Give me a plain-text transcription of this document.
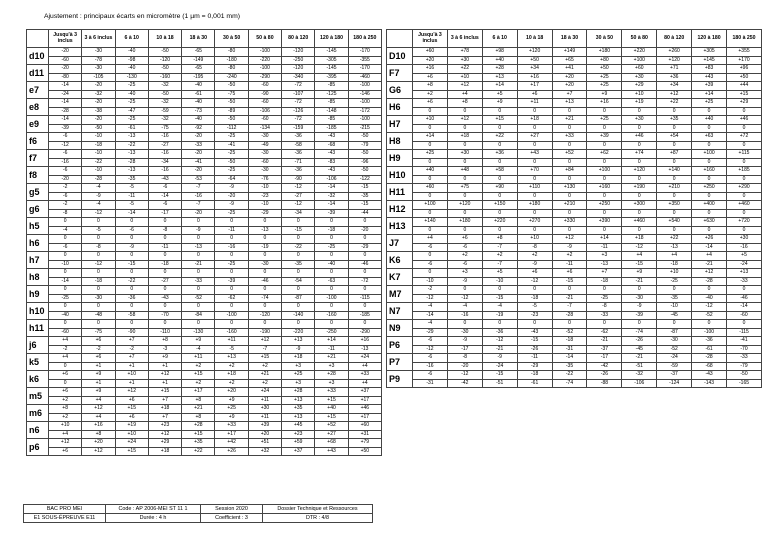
Ajustement : principaux écarts en micromètre (1 µm = 0,001 mm)
	Jusqu'à 3 inclus	3 à 6 inclus	6 à 10	10 à 18	18 à 30	30 à 50	50 à 80	80 à 120	120 à 180	180 à 250
d10	-20	-30	-40	-50	-65	-80	-100	-120	-145	-170
	-60	-78	-98	-120	-149	-180	-220	-250	-305	-355
d11	-20	-30	-40	-50	-65	-80	-100	-120	-145	-170
	-80	-105	-130	-160	-195	-240	-290	-340	-395	-460
e7	-14	-20	-25	-32	-40	-50	-60	-72	-85	-100
	-24	-32	-40	-50	-61	-75	-90	-107	-125	-146
e8	-14	-20	-25	-32	-40	-50	-60	-72	-85	-100
	-28	-38	-47	-59	-73	-89	-106	-126	-148	-172
e9	-14	-20	-25	-32	-40	-50	-60	-72	-85	-100
	-39	-50	-61	-75	-92	-112	-134	-159	-185	-215
f6	-6	-10	-13	-16	-20	-25	-30	-36	-43	-50
	-12	-18	-22	-27	-33	-41	-49	-58	-68	-79
f7	-6	-10	-13	-16	-20	-25	-30	-36	-43	-50
	-16	-22	-28	-34	-41	-50	-60	-71	-83	-96
f8	-6	-10	-13	-16	-20	-25	-30	-36	-43	-50
	-20	-28	-35	-43	-53	-64	-76	-90	-106	-122
g5	-2	-4	-5	-6	-7	-9	-10	-12	-14	-15
	-6	-9	-11	-14	-16	-20	-23	-27	-32	-35
g6	-2	-4	-5	-6	-7	-9	-10	-12	-14	-15
	-8	-12	-14	-17	-20	-25	-29	-34	-39	-44
h5	0	0	0	0	0	0	0	0	0	0
	-4	-5	-6	-8	-9	-11	-13	-15	-18	-20
h6	0	0	0	0	0	0	0	0	0	0
	-6	-8	-9	-11	-13	-16	-19	-22	-25	-29
h7	0	0	0	0	0	0	0	0	0	0
	-10	-12	-15	-18	-21	-25	-30	-35	-40	-46
h8	0	0	0	0	0	0	0	0	0	0
	-14	-18	-22	-27	-33	-39	-46	-54	-63	-72
h9	0	0	0	0	0	0	0	0	0	0
	-25	-30	-36	-43	-52	-62	-74	-87	-100	-115
h10	0	0	0	0	0	0	0	0	0	0
	-40	-48	-58	-70	-84	-100	-120	-140	-160	-185
h11	0	0	0	0	0	0	0	0	0	0
	-60	-75	-90	-110	-130	-160	-190	-220	-250	-290
j6	+4	+6	+7	+8	+9	+11	+12	+13	+14	+16
	-2	-2	-2	-3	-4	-5	-7	-9	-11	-13
k5	+4	+6	+7	+9	+11	+13	+15	+18	+21	+24
	0	+1	+1	+1	+2	+2	+2	+3	+3	+4
k6	+6	+9	+10	+12	+15	+18	+21	+25	+28	+33
	0	+1	+1	+1	+2	+2	+2	+3	+3	+4
m5	+6	+9	+12	+15	+17	+20	+24	+28	+33	+37
	+2	+4	+6	+7	+8	+9	+11	+13	+15	+17
m6	+8	+12	+15	+18	+21	+25	+30	+35	+40	+46
	+2	+4	+6	+7	+8	+9	+11	+13	+15	+17
n6	+10	+16	+19	+23	+28	+33	+39	+45	+52	+60
	+4	+8	+10	+12	+15	+17	+20	+23	+27	+31
p6	+12	+20	+24	+29	+35	+42	+51	+59	+68	+79
	+6	+12	+15	+18	+22	+26	+32	+37	+43	+50
	Jusqu'à 3 inclus	3 à 6 inclus	6 à 10	10 à 18	18 à 30	30 à 50	50 à 80	80 à 120	120 à 180	180 à 250
D10	+60	+78	+98	+120	+149	+180	+220	+260	+305	+355
	+20	+30	+40	+50	+65	+80	+100	+120	+145	+170
F7	+16	+22	+28	+34	+41	+50	+60	+71	+83	+96
	+6	+10	+13	+16	+20	+25	+30	+36	+43	+50
G6	+8	+12	+14	+17	+20	+25	+29	+34	+39	+44
	+2	+4	+5	+6	+7	+9	+10	+12	+14	+15
H6	+6	+8	+9	+11	+13	+16	+19	+22	+25	+29
	0	0	0	0	0	0	0	0	0	0
H7	+10	+12	+15	+18	+21	+25	+30	+35	+40	+46
	0	0	0	0	0	0	0	0	0	0
H8	+14	+18	+22	+27	+33	+39	+46	+54	+63	+72
	0	0	0	0	0	0	0	0	0	0
H9	+25	+30	+36	+43	+52	+62	+74	+87	+100	+115
	0	0	0	0	0	0	0	0	0	0
H10	+40	+48	+58	+70	+84	+100	+120	+140	+160	+185
	0	0	0	0	0	0	0	0	0	0
H11	+60	+75	+90	+110	+130	+160	+190	+210	+250	+290
	0	0	0	0	0	0	0	0	0	0
H12	+100	+120	+150	+180	+210	+250	+300	+350	+400	+460
	0	0	0	0	0	0	0	0	0	0
H13	+140	+180	+220	+270	+330	+390	+460	+540	+630	+720
	0	0	0	0	0	0	0	0	0	0
J7	+4	+6	+8	+10	+12	+14	+18	+22	+26	+30
	-6	-6	-7	-8	-9	-11	-12	-13	-14	-16
K6	0	+2	+2	+2	+2	+3	+4	+4	+4	+5
	-6	-6	-7	-9	-11	-13	-15	-18	-21	-24
K7	0	+3	+5	+6	+6	+7	+9	+10	+12	+13
	-10	-9	-10	-12	-15	-18	-21	-25	-28	-33
M7	-2	0	0	0	0	0	0	0	0	0
	-12	-12	-15	-18	-21	-25	-30	-35	-40	-46
N7	-4	-4	-4	-5	-7	-8	-9	-10	-12	-14
	-14	-16	-19	-23	-28	-33	-39	-45	-52	-60
N9	-4	0	0	0	0	0	0	0	0	0
	-29	-30	-36	-43	-52	-62	-74	-87	-100	-115
P6	-6	-9	-12	-15	-18	-21	-26	-30	-36	-41
	-12	-17	-21	-26	-31	-37	-45	-52	-61	-70
P7	-6	-8	-9	-11	-14	-17	-21	-24	-28	-33
	-16	-20	-24	-29	-35	-42	-51	-59	-68	-79
P9	-6	-12	-15	-18	-22	-26	-32	-37	-43	-50
	-31	-42	-51	-61	-74	-88	-106	-124	-143	-165
BAC PRO MEI	Code : AP 2006-MEI ST 11 1	Session 2020	Dossier Technique et Ressources
E1 SOUS-ÉPREUVE E11	Durée : 4 h	Coefficient : 3	DTR : 4/8
